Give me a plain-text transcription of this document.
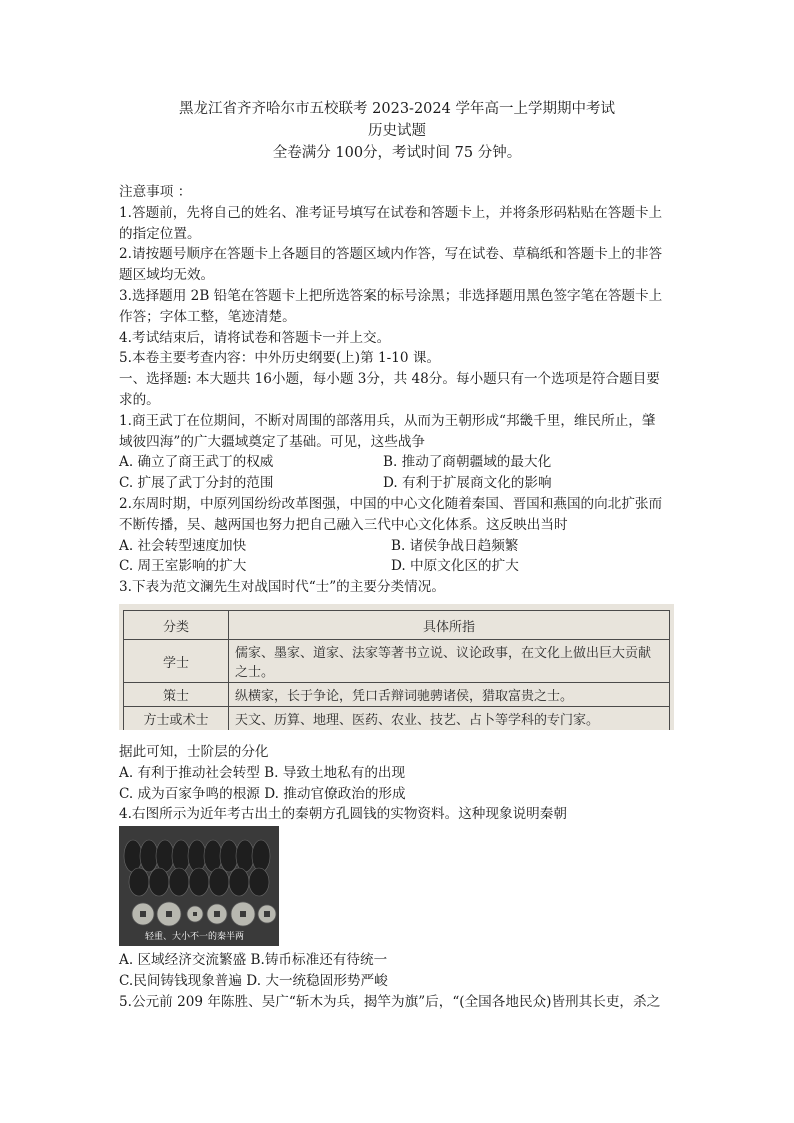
黑龙江省齐齐哈尔市五校联考 2023-2024 学年高一上学期期中考试
历史试题
全卷满分 100分，考试时间 75 分钟。

注意事项 ：

1.答题前，先将自己的姓名、准考证号填写在试卷和答题卡上，并将条形码粘贴在答题卡上

的指定位置。

2.请按题号顺序在答题卡上各题目的答题区域内作答，写在试卷、草稿纸和答题卡上的非答

题区域均无效。

3.选择题用 2B 铅笔在答题卡上把所选答案的标号涂黑；非选择题用黑色签字笔在答题卡上

作答；字体工整，笔迹清楚。

4.考试结束后，请将试卷和答题卡一并上交。

5.本卷主要考查内容：中外历史纲要(上)第 1-10 课。

一、选择题: 本大题共 16小题，每小题 3分，共 48分。每小题只有一个选项是符合题目要

求的。

1.商王武丁在位期间，不断对周围的部落用兵，从而为王朝形成“邦畿千里，维民所止，肇

域彼四海”的广大疆域奠定了基础。可见，这些战争

A. 确立了商王武丁的权威	B. 推动了商朝疆域的最大化
C. 扩展了武丁分封的范围	D. 有利于扩展商文化的影响

2.东周时期，中原列国纷纷改革图强，中国的中心文化随着秦国、晋国和燕国的向北扩张而

不断传播，吴、越两国也努力把自己融入三代中心文化体系。这反映出当时

A. 社会转型速度加快	B. 诸侯争战日趋频繁
C. 周王室影响的扩大	D. 中原文化区的扩大

3.下表为范文澜先生对战国时代“士”的主要分类情况。

分类	具体所指
学士	儒家、墨家、道家、法家等著书立说、议论政事，在文化上做出巨大贡献之士。
策士	纵横家，长于争论，凭口舌辩词驰骋诸侯，猎取富贵之士。
方士或术士	天文、历算、地理、医药、农业、技艺、占卜等学科的专门家。

据此可知，士阶层的分化

A. 有利于推动社会转型 B. 导致土地私有的出现

C. 成为百家争鸣的根源 D. 推动官僚政治的形成

4.右图所示为近年考古出土的秦朝方孔圆钱的实物资料。这种现象说明秦朝

轻重、大小不一的秦半两

A. 区域经济交流繁盛 B.铸币标准还有待统一

C.民间铸钱现象普遍 D. 大一统稳固形势严峻

5.公元前 209 年陈胜、吴广“斩木为兵，揭竿为旗”后，“(全国各地民众)皆刑其长吏，杀之
